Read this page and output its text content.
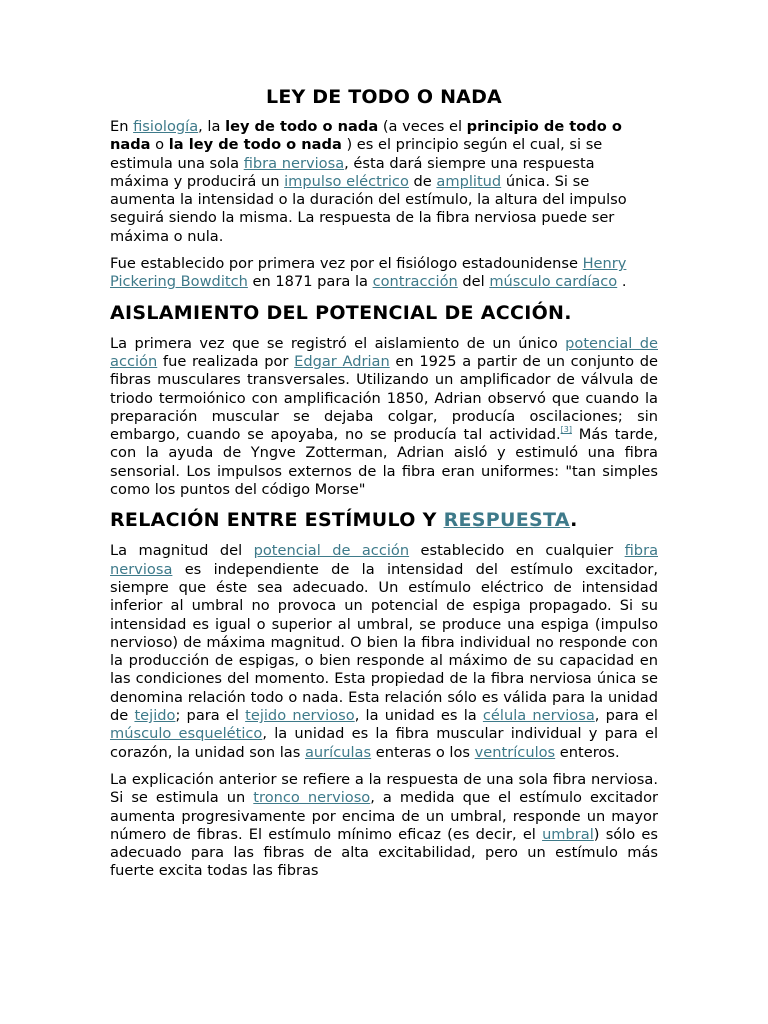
LEY DE TODO O NADA

En fisiología, la ley de todo o nada (a veces el principio de todo o nada o la ley de todo o nada ) es el principio según el cual, si se estimula una sola fibra nerviosa, ésta dará siempre una respuesta máxima y producirá un impulso eléctrico de amplitud única. Si se aumenta la intensidad o la duración del estímulo, la altura del impulso seguirá siendo la misma. La respuesta de la fibra nerviosa puede ser máxima o nula.

Fue establecido por primera vez por el fisiólogo estadounidense Henry Pickering Bowditch en 1871 para la contracción del músculo cardíaco .

AISLAMIENTO DEL POTENCIAL DE ACCIÓN.

La primera vez que se registró el aislamiento de un único potencial de acción fue realizada por Edgar Adrian en 1925 a partir de un conjunto de fibras musculares transversales. Utilizando un amplificador de válvula de triodo termoiónico con amplificación 1850, Adrian observó que cuando la preparación muscular se dejaba colgar, producía oscilaciones; sin embargo, cuando se apoyaba, no se producía tal actividad.[3] Más tarde, con la ayuda de Yngve Zotterman, Adrian aisló y estimuló una fibra sensorial. Los impulsos externos de la fibra eran uniformes: "tan simples como los puntos del código Morse"

RELACIÓN ENTRE ESTÍMULO Y RESPUESTA.

La magnitud del potencial de acción establecido en cualquier fibra nerviosa es independiente de la intensidad del estímulo excitador, siempre que éste sea adecuado. Un estímulo eléctrico de intensidad inferior al umbral no provoca un potencial de espiga propagado. Si su intensidad es igual o superior al umbral, se produce una espiga (impulso nervioso) de máxima magnitud. O bien la fibra individual no responde con la producción de espigas, o bien responde al máximo de su capacidad en las condiciones del momento. Esta propiedad de la fibra nerviosa única se denomina relación todo o nada. Esta relación sólo es válida para la unidad de tejido; para el tejido nervioso, la unidad es la célula nerviosa, para el músculo esquelético, la unidad es la fibra muscular individual y para el corazón, la unidad son las aurículas enteras o los ventrículos enteros.

La explicación anterior se refiere a la respuesta de una sola fibra nerviosa. Si se estimula un tronco nervioso, a medida que el estímulo excitador aumenta progresivamente por encima de un umbral, responde un mayor número de fibras. El estímulo mínimo eficaz (es decir, el umbral) sólo es adecuado para las fibras de alta excitabilidad, pero un estímulo más fuerte excita todas las fibras
